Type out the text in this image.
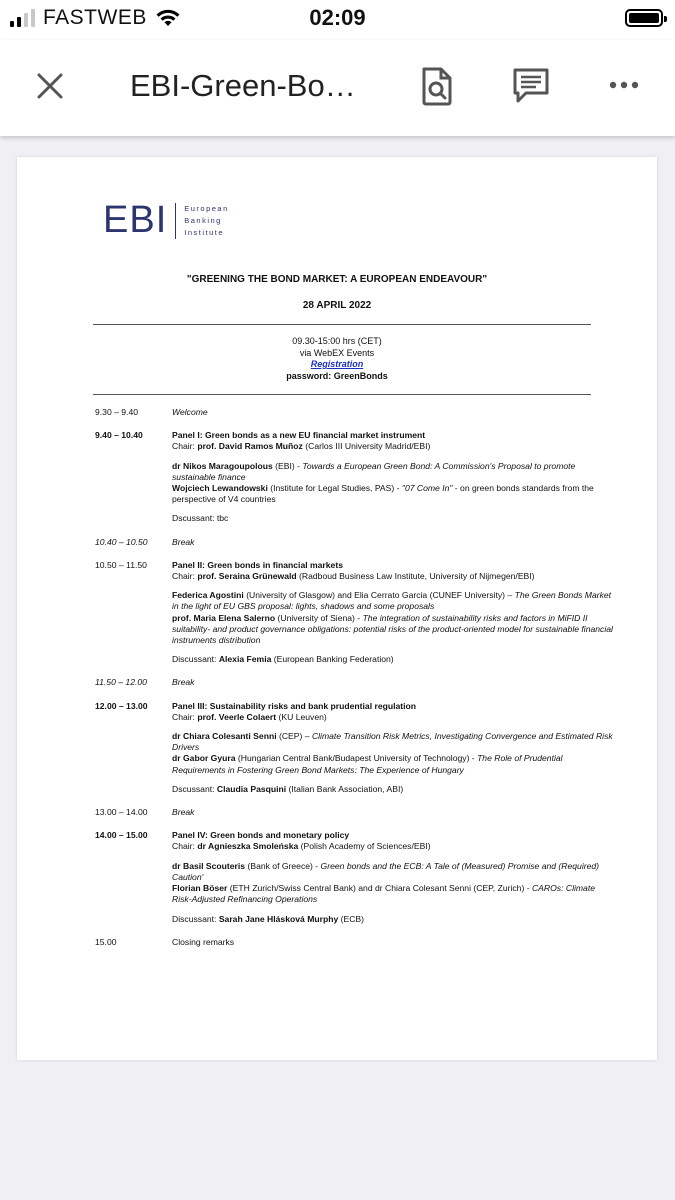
FASTWEB	02:09
EBI-Green-Bo…
EBI European
Banking
Institute
"GREENING THE BOND MARKET: A EUROPEAN ENDEAVOUR"
28 APRIL 2022
09.30-15:00 hrs (CET)
via WebEX Events
Registration
password: GreenBonds
9.30 – 9.40	Welcome
9.40 – 10.40	Panel I: Green bonds as a new EU financial market instrument
Chair: prof. David Ramos Muñoz (Carlos III University Madrid/EBI)
dr Nikos Maragoupolous (EBI) - Towards a European Green Bond: A Commission's Proposal to promote sustainable finance
Wojciech Lewandowski (Institute for Legal Studies, PAS) - "07 Come In" - on green bonds standards from the perspective of V4 countries
Dscussant: tbc
10.40 – 10.50	Break
10.50 – 11.50	Panel II: Green bonds in financial markets
Chair: prof. Seraina Grünewald (Radboud Business Law Institute, University of Nijmegen/EBI)
Federica Agostini (University of Glasgow) and Elia Cerrato Garcia (CUNEF University) – The Green Bonds Market in the light of EU GBS proposal: lights, shadows and some proposals
prof. Maria Elena Salerno (University of Siena) - The integration of sustainability risks and factors in MiFID II suitability- and product governance obligations: potential risks of the product-oriented model for sustainable financial instruments distribution
Discussant: Alexia Femia (European Banking Federation)
11.50 – 12.00	Break
12.00 – 13.00	Panel III: Sustainability risks and bank prudential regulation
Chair: prof. Veerle Colaert (KU Leuven)
dr Chiara Colesanti Senni (CEP) – Climate Transition Risk Metrics, Investigating Convergence and Estimated Risk Drivers
dr Gabor Gyura (Hungarian Central Bank/Budapest University of Technology) - The Role of Prudential Requirements in Fostering Green Bond Markets: The Experience of Hungary
Dscussant: Claudia Pasquini (Italian Bank Association, ABI)
13.00 – 14.00	Break
14.00 – 15.00	Panel IV: Green bonds and monetary policy
Chair: dr Agnieszka Smoleńska (Polish Academy of Sciences/EBI)
dr Basil Scouteris (Bank of Greece) - Green bonds and the ECB: A Tale of (Measured) Promise and (Required) Caution'
Florian Böser (ETH Zurich/Swiss Central Bank) and dr Chiara Colesant Senni (CEP, Zurich) - CAROs: Climate Risk-Adjusted Refinancing Operations
Discussant: Sarah Jane Hlásková Murphy (ECB)
15.00	Closing remarks
